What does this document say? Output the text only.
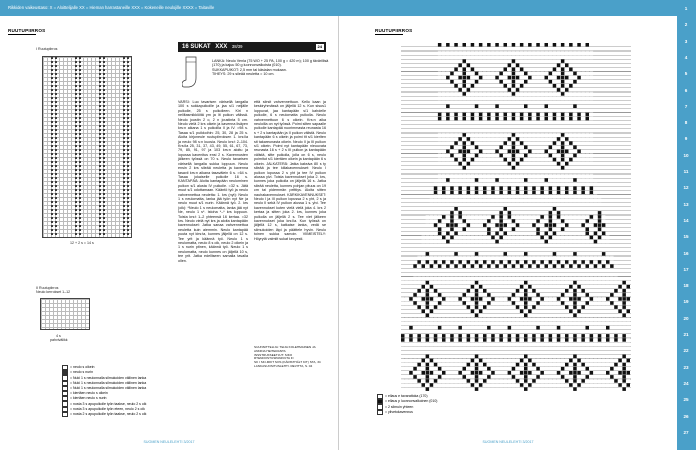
Rikkiden vaikeustaso: X = Aloittelijalle XX = Hieman harrastaneille XXX = Kokeneille neulojille XXXX = Taitaville	1
2
3
4
5
6
7
8
9
10
11
12
13
14
15
16
17
18
19
20
21
22
23
24
25
26
27
RUUTUPIIRROS
I Ruutupiirros
12 + 2 s = 14 s
II Ruutupiirros
Neulo kerrokset 1–12
4 s
pahvivälikk
= neulo s oikein
= neulo s nurin
= Nuki 1 s neulonnalla silmukoiden väliinen lanka
= Nuki 1 s neulonnalla silmukoiden väliinen lanka
= Nuki 1 s neulonnalla silmukoiden väliinen lanka
= kiertäen neulo s oikein
= kiertäen neulo s nurin
= nosta 3 s apupuikolle työn taakse, neulo 2 s oik
= nosta 3 s apupuikolle työn eteen, neulo 2 s oik
= nosta 2 s apupuikolle työn taakse, neulo 2 s oik
16 SUKAT XXX 38/39	24

LANKA: Neulo Venla (75 WO + 25 PA, 100 g = 420 m); 100 g tävärillisä (170) ja kajuu 50 g luonnonvalkoista (010).

SUKKAPUIKOT: 2,5 mm tai käsialan mukaan.

TIHEYS: 29 s sileää neuletta = 10 cm.

VARSI: Luo tavarisen värisellä langalla 100 s sukkapuikoille ja jaa s/1 neljälle puikolle, 25 s puikolleen. Kiri n neliltasmikkiöitä ym ja lit puikon välissä. Neulo joustin 2 o, 2 n joustinta 5 cm. Neulo vielä 2 krs oikein ja kavenna lisäyen krs:n aikana 1 s puikoilla II ja IV. =98 s. Tasaa s/1 puikkoihin: 25, 30, 28 ja 25 s. Aloita kirjoneule ruutupiirroksen 1. krs:lla ja neulo 98 s:n kuosia. Neulo krs:t 2–104. Krs:lla 25, 31, 37, 43, 49, 55, 61, 67, 73, 79, 85, 91, 97 ja 103 krs:n aloitu ja lopussa kavenitus ensi 2 s. Kavennusten jälkeen työssä on 70 s. Neulo tavarisen värisellä langalla sukka loppuun. Neulo ensin 2 krs sileää neuletta ja kavenna tasavii krs:n aikana tasavälein 6 s. =64 s. Tasaa jokaiselle puikolle 16 s. KANTAPÄÄ: Aloita kantapään neulominen puikon s/1 alusta IV puikolle. =32 s. Jätä muut s/1 odottamaan. Kääntö työ ja neulo vahvennettua neuletta: 1. krs (nyt): Neulo 1 s neulomatta, lanka jää työn nyt Ne ja neulo muut s/1 nurin. Käännä työ. 2. krs (oik): *Neulo 1 s neulomatta, lanka jää nyt Ne, neulo 1 s*. Istoha *–* krs loppuun. Toista krs:t 1–2 yhteensä 16 kertaa. =32 krs. Neulo vielä nyt krs ja aloita kantapään kavennukset: Jatka sanaa vahvennettua neuletta kuin aiemmin. Neulo kantapää puuta nyt kirs:ta, kunnes jäljellä on 12 s. Tee yrit ja käännä työ. Neulo 1 s neulomatta, neulo 8 s oik, neulo 2 oikein ja 1 s nurin pitnen, käännä työ. Neulo 1 s neulomatta, neulo kunnes on jäljellä 10 s, tee yrit. Jatka edelliseen samalla tavalla ollen.
että siirsit vahvennettuun. Kello kaan ja keskiryhmässä on jäljellä 12 s. Kun sisus1 loppuvat, jaa kantapään s/1 kahdelle puikolle, 6 s neulomatta puikolla. Neulo vahvennettuun 6 s oikein. Krs:n aika neuloilla on nyt työssä. Poimi silten sapaalle puikolle kantapää nuorimmasta reunasta 16 s + 2 s kantapään ja II puikon välistä. Neulo kantapään 6 s oikein ja poimi tit s/1 kierlten sit takareunasta oikein. Neulo II ja III puikon s/1 oikein. Poimi nyt kantapään nieuuvata reunasta 16 s + 2 s III puikon ja kantapään välistä, sitte puikolla, jolla on 6 s, neulo poimitut s/1 kiertäen oikein ja kantapään 6 s oikein. JALKATERÄ: Jatka kaksiva 80 s ty sileää ja tee kiilakavennukset: Neulo I puikon lopussa 2 s yht ja tee IV puikon alussa ylvi. Toista kavennukset joka 2. krs, kunnes joka puikolla on jäljellä 16 s. Jatka sileää neuletta, kunnes pohjan pituus on 19 cm tai pidemmän pelttiys. Aloita sitten nauhakavennukset. KÄRKIKAVENNUKSET: Neulo I ja III puikon lopussa 2 s yht, 2 s ja neulo II sekä IV puikon alussa 1 s. ylvi. Tee kavennukset kuten vielä vielä joka 4. krs 2 kertaa ja sitten joka 2. krs, kunnes joka puikolla on jäljellä 2 s. Tee viet jälkeen kavennukset joka krs:lla. Kun työssä on jäljellä 12 s, katkaise lanka, vedä se silmukoiden läpi ja päättele hyvin. Neulo toinen sukka samoin. VIIMEISTELY: Höyrytä valmiit sukat kevyesti.

SUUNNITTELIJA: TEIJA KOLEHMAINEN JA ANNINA HEITERANTA

INSSTRUKSEETJUT: SIKO RTENDOSTUSPANKKITA FI

SK I SKI-MIKT SOS (KÄRISTHÄLT KIT) STA, 34

LANKASUOSITUSLEHTI. REVITTA, S. 04

SUOMEN NEULELEHTI 3/2017
RUUTUPIIRROS
= ellaus e tavarattoka (170)
= ellaus p luonnonvalkoinen (010)
= 2 silmuin yhteen
= ylivetokavennus
SUOMEN NEULELEHTI 3/2017
